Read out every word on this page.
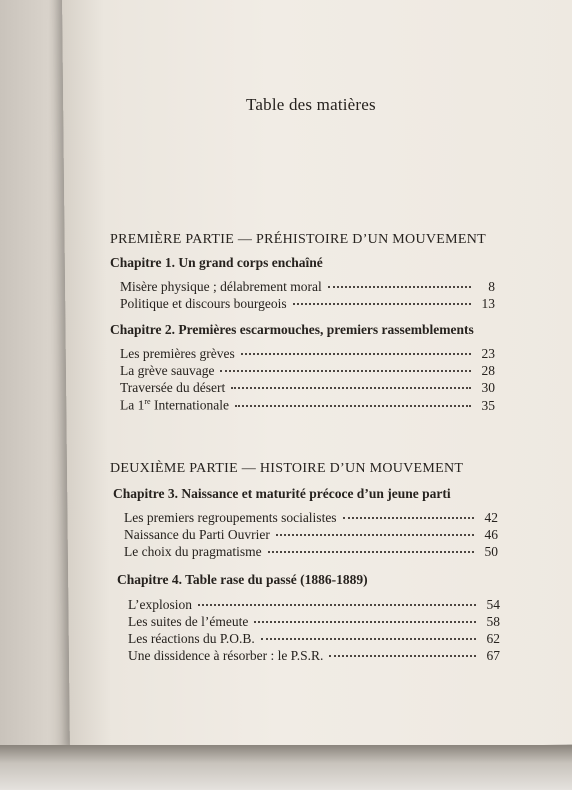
Table des matières
PREMIÈRE PARTIE — PRÉHISTOIRE D’UN MOUVEMENT
Chapitre 1. Un grand corps enchaîné
Misère physique ; délabrement moral	8
Politique et discours bourgeois	13
Chapitre 2. Premières escarmouches, premiers rassemblements
Les premières grèves	23
La grève sauvage	28
Traversée du désert	30
La 1re Internationale	35
DEUXIÈME PARTIE — HISTOIRE D’UN MOUVEMENT
Chapitre 3. Naissance et maturité précoce d’un jeune parti
Les premiers regroupements socialistes	42
Naissance du Parti Ouvrier	46
Le choix du pragmatisme	50
Chapitre 4. Table rase du passé (1886-1889)
L’explosion	54
Les suites de l’émeute	58
Les réactions du P.O.B.	62
Une dissidence à résorber : le P.S.R.	67
